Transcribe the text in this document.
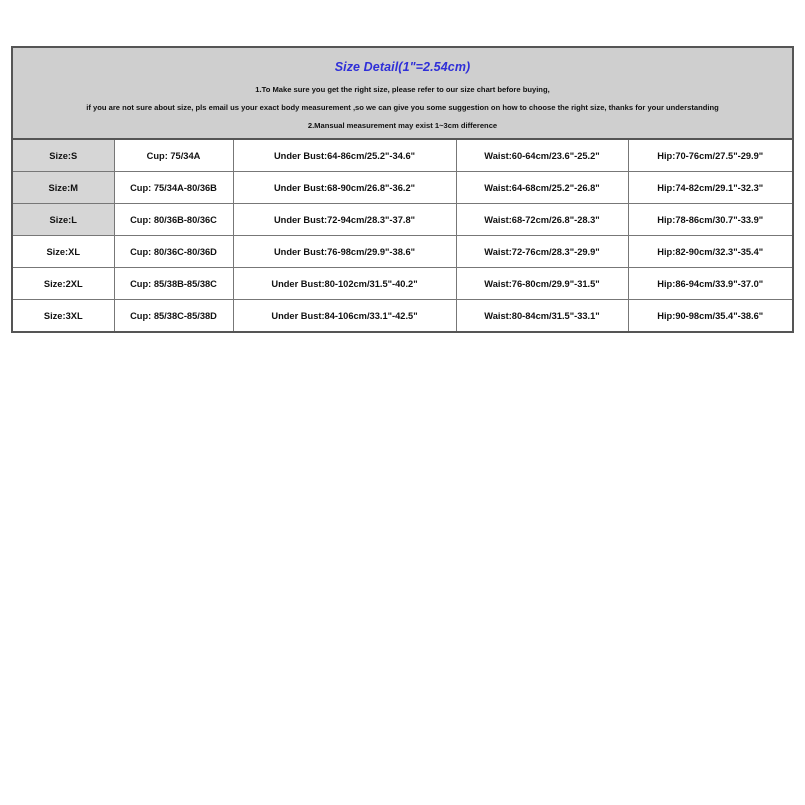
Size Detail(1"=2.54cm)
1.To Make sure you get the right size, please refer to our size chart before buying,
if you are not sure about size, pls email us your exact body measurement ,so we can give you some suggestion on how to choose the right size, thanks for your understanding
2.Mansual measurement may exist 1~3cm difference
Size:S	Cup: 75/34A	Under Bust:64-86cm/25.2"-34.6"	Waist:60-64cm/23.6"-25.2"	Hip:70-76cm/27.5"-29.9"
Size:M	Cup: 75/34A-80/36B	Under Bust:68-90cm/26.8"-36.2"	Waist:64-68cm/25.2"-26.8"	Hip:74-82cm/29.1"-32.3"
Size:L	Cup: 80/36B-80/36C	Under Bust:72-94cm/28.3"-37.8"	Waist:68-72cm/26.8"-28.3"	Hip:78-86cm/30.7"-33.9"
Size:XL	Cup: 80/36C-80/36D	Under Bust:76-98cm/29.9"-38.6"	Waist:72-76cm/28.3"-29.9"	Hip:82-90cm/32.3"-35.4"
Size:2XL	Cup: 85/38B-85/38C	Under Bust:80-102cm/31.5"-40.2"	Waist:76-80cm/29.9"-31.5"	Hip:86-94cm/33.9"-37.0"
Size:3XL	Cup: 85/38C-85/38D	Under Bust:84-106cm/33.1"-42.5"	Waist:80-84cm/31.5"-33.1"	Hip:90-98cm/35.4"-38.6"
